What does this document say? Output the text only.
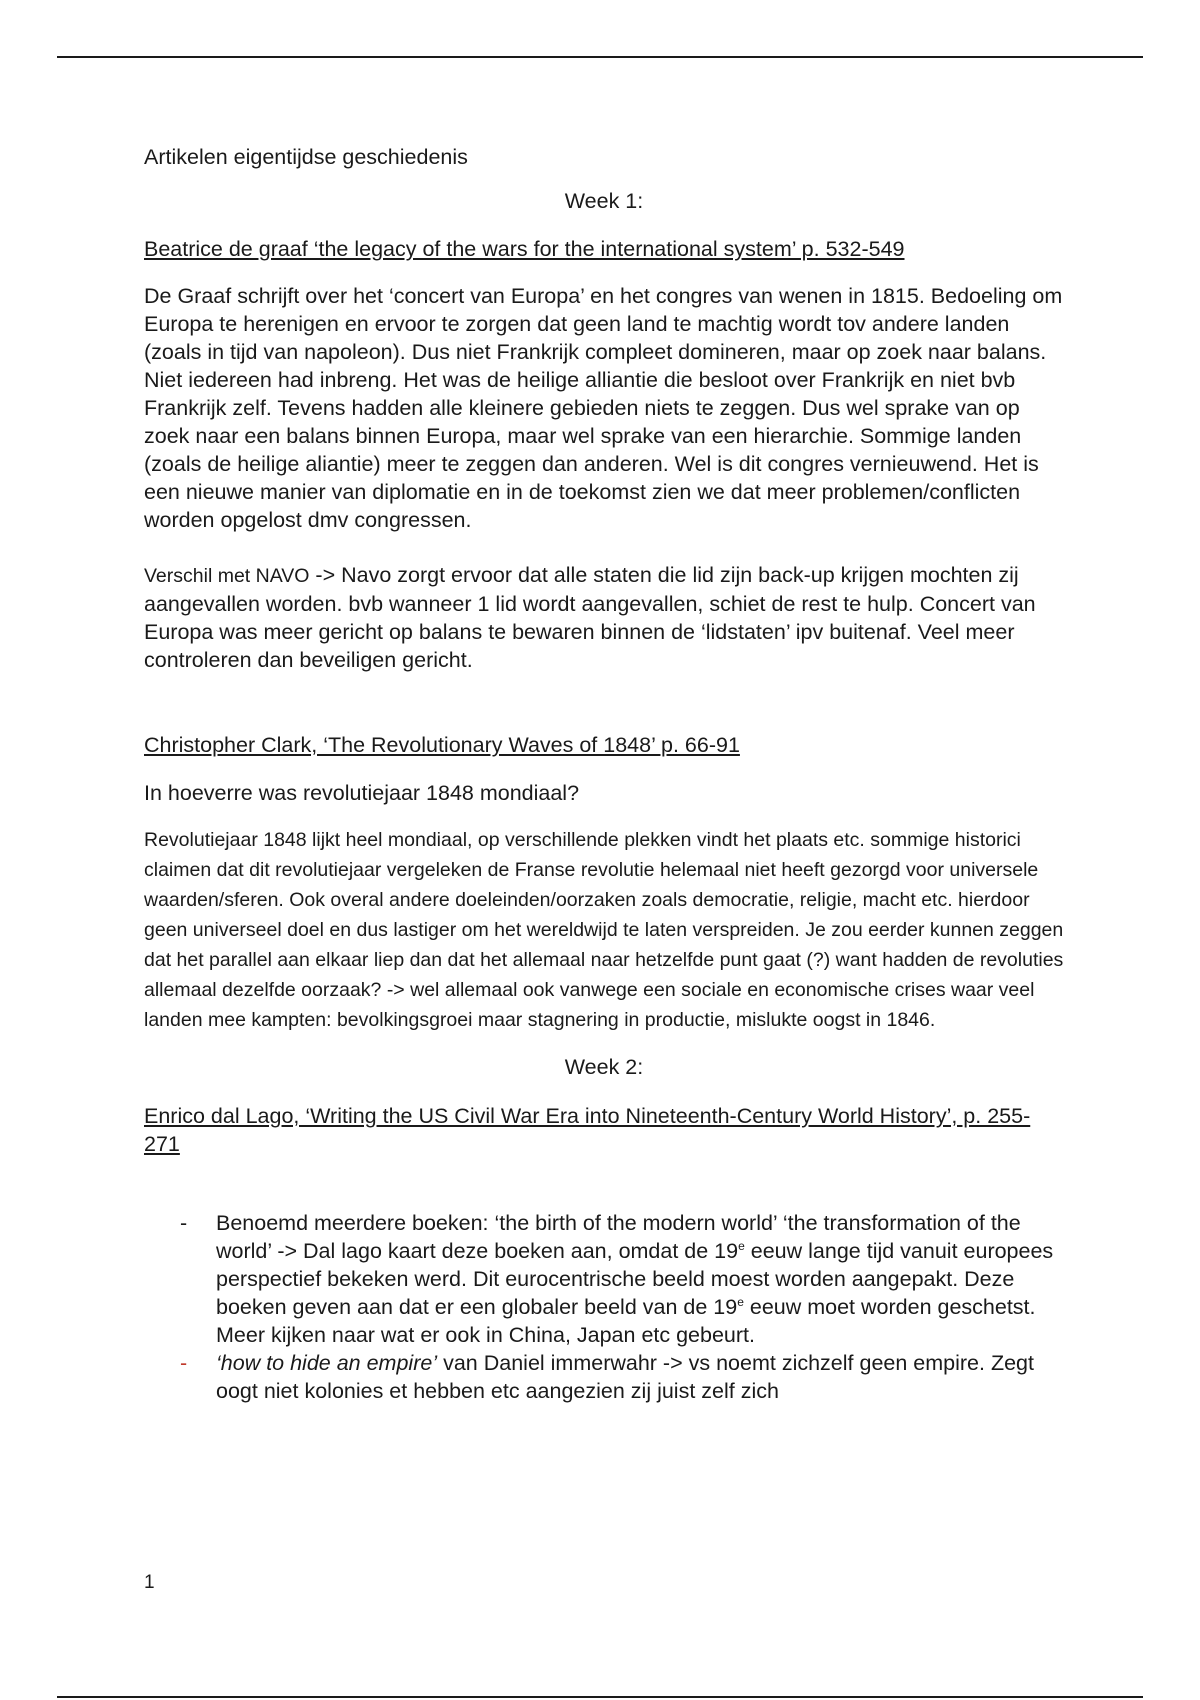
Artikelen eigentijdse geschiedenis

Week 1:

Beatrice de graaf ‘the legacy of the wars for the international system’ p. 532-549

De Graaf schrijft over het ‘concert van Europa’ en het congres van wenen in 1815. Bedoeling om Europa te herenigen en ervoor te zorgen dat geen land te machtig wordt tov andere landen (zoals in tijd van napoleon). Dus niet Frankrijk compleet domineren, maar op zoek naar balans. Niet iedereen had inbreng. Het was de heilige alliantie die besloot over Frankrijk en niet bvb Frankrijk zelf. Tevens hadden alle kleinere gebieden niets te zeggen. Dus wel sprake van op zoek naar een balans binnen Europa, maar wel sprake van een hierarchie. Sommige landen (zoals de heilige aliantie) meer te zeggen dan anderen. Wel is dit congres vernieuwend. Het is een nieuwe manier van diplomatie en in de toekomst zien we dat meer problemen/conflicten worden opgelost dmv congressen.

Verschil met NAVO -> Navo zorgt ervoor dat alle staten die lid zijn back-up krijgen mochten zij aangevallen worden. bvb wanneer 1 lid wordt aangevallen, schiet de rest te hulp. Concert van Europa was meer gericht op balans te bewaren binnen de ‘lidstaten’ ipv buitenaf. Veel meer controleren dan beveiligen gericht.

Christopher Clark, ‘The Revolutionary Waves of 1848’ p. 66-91

In hoeverre was revolutiejaar 1848 mondiaal?

Revolutiejaar 1848 lijkt heel mondiaal, op verschillende plekken vindt het plaats etc. sommige historici claimen dat dit revolutiejaar vergeleken de Franse revolutie helemaal niet heeft gezorgd voor universele waarden/sferen. Ook overal andere doeleinden/oorzaken zoals democratie, religie, macht etc. hierdoor geen universeel doel en dus lastiger om het wereldwijd te laten verspreiden. Je zou eerder kunnen zeggen dat het parallel aan elkaar liep dan dat het allemaal naar hetzelfde punt gaat (?) want hadden de revoluties allemaal dezelfde oorzaak? -> wel allemaal ook vanwege een sociale en economische crises waar veel landen mee kampten: bevolkingsgroei maar stagnering in productie, mislukte oogst in 1846.

Week 2:

Enrico dal Lago, ‘Writing the US Civil War Era into Nineteenth-Century World History’, p. 255-271

- Benoemd meerdere boeken: ‘the birth of the modern world’ ‘the transformation of the world’ -> Dal lago kaart deze boeken aan, omdat de 19e eeuw lange tijd vanuit europees perspectief bekeken werd. Dit eurocentrische beeld moest worden aangepakt. Deze boeken geven aan dat er een globaler beeld van de 19e eeuw moet worden geschetst. Meer kijken naar wat er ook in China, Japan etc gebeurt.
- ‘how to hide an empire’ van Daniel immerwahr -> vs noemt zichzelf geen empire. Zegt oogt niet kolonies et hebben etc aangezien zij juist zelf zich
1
